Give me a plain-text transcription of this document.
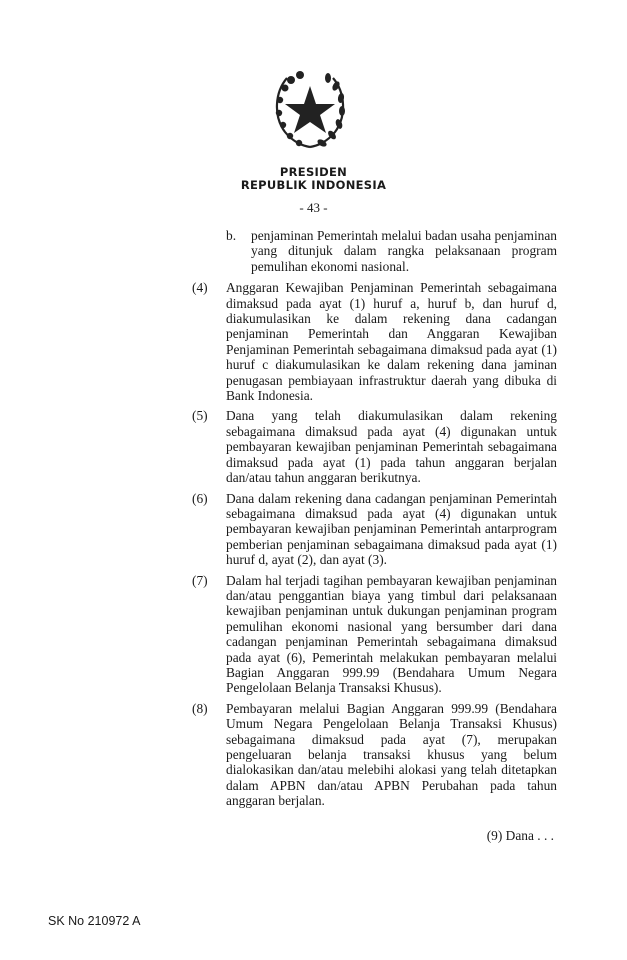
PRESIDEN
REPUBLIK INDONESIA
- 43 -
b.	penjaminan Pemerintah melalui badan usaha penjaminan yang ditunjuk dalam rangka pelaksanaan program pemulihan ekonomi nasional.
(4)	Anggaran Kewajiban Penjaminan Pemerintah sebagaimana dimaksud pada ayat (1) huruf a, huruf b, dan huruf d, diakumulasikan ke dalam rekening dana cadangan penjaminan Pemerintah dan Anggaran Kewajiban Penjaminan Pemerintah sebagaimana dimaksud pada ayat (1) huruf c diakumulasikan ke dalam rekening dana jaminan penugasan pembiayaan infrastruktur daerah yang dibuka di Bank Indonesia.
(5)	Dana yang telah diakumulasikan dalam rekening sebagaimana dimaksud pada ayat (4) digunakan untuk pembayaran kewajiban penjaminan Pemerintah sebagaimana dimaksud pada ayat (1) pada tahun anggaran berjalan dan/atau tahun anggaran berikutnya.
(6)	Dana dalam rekening dana cadangan penjaminan Pemerintah sebagaimana dimaksud pada ayat (4) digunakan untuk pembayaran kewajiban penjaminan Pemerintah antarprogram pemberian penjaminan sebagaimana dimaksud pada ayat (1) huruf d, ayat (2), dan ayat (3).
(7)	Dalam hal terjadi tagihan pembayaran kewajiban penjaminan dan/atau penggantian biaya yang timbul dari pelaksanaan kewajiban penjaminan untuk dukungan penjaminan program pemulihan ekonomi nasional yang bersumber dari dana cadangan penjaminan Pemerintah sebagaimana dimaksud pada ayat (6), Pemerintah melakukan pembayaran melalui Bagian Anggaran 999.99 (Bendahara Umum Negara Pengelolaan Belanja Transaksi Khusus).
(8)	Pembayaran melalui Bagian Anggaran 999.99 (Bendahara Umum Negara Pengelolaan Belanja Transaksi Khusus) sebagaimana dimaksud pada ayat (7), merupakan pengeluaran belanja transaksi khusus yang belum dialokasikan dan/atau melebihi alokasi yang telah ditetapkan dalam APBN dan/atau APBN Perubahan pada tahun anggaran berjalan.
(9) Dana . . .
SK No 210972 A
